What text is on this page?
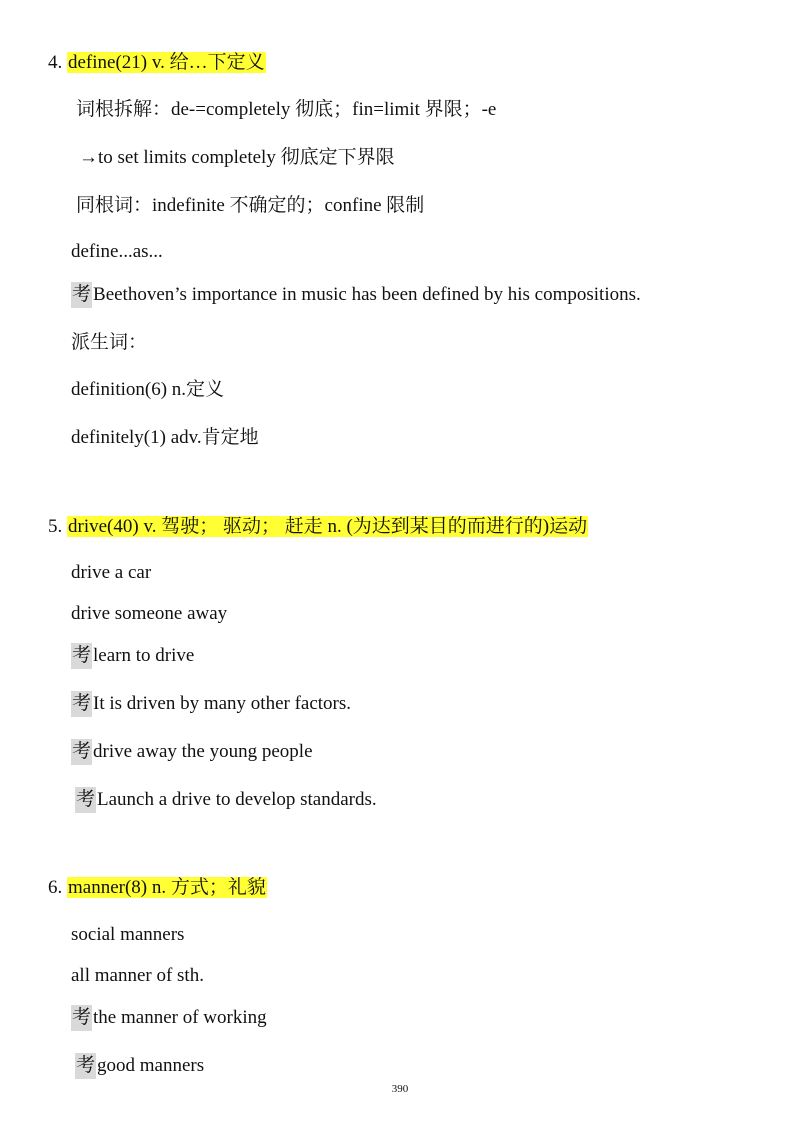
4. define(21) v. 给…下定义
词根拆解：de-=completely 彻底；fin=limit 界限；-e
→to set limits completely 彻底定下界限
同根词：indefinite 不确定的；confine 限制
define...as...
考 Beethoven’s importance in music has been defined by his compositions.
派生词：
definition(6) n.定义
definitely(1) adv.肯定地
5. drive(40) v. 驾驶； 驱动； 赶走 n. (为达到某目的而进行的)运动
drive a car
drive someone away
考 learn to drive
考 It is driven by many other factors.
考 drive away the young people
考 Launch a drive to develop standards.
6. manner(8) n. 方式；礼貌
social manners
all manner of sth.
考 the manner of working
考 good manners
390
